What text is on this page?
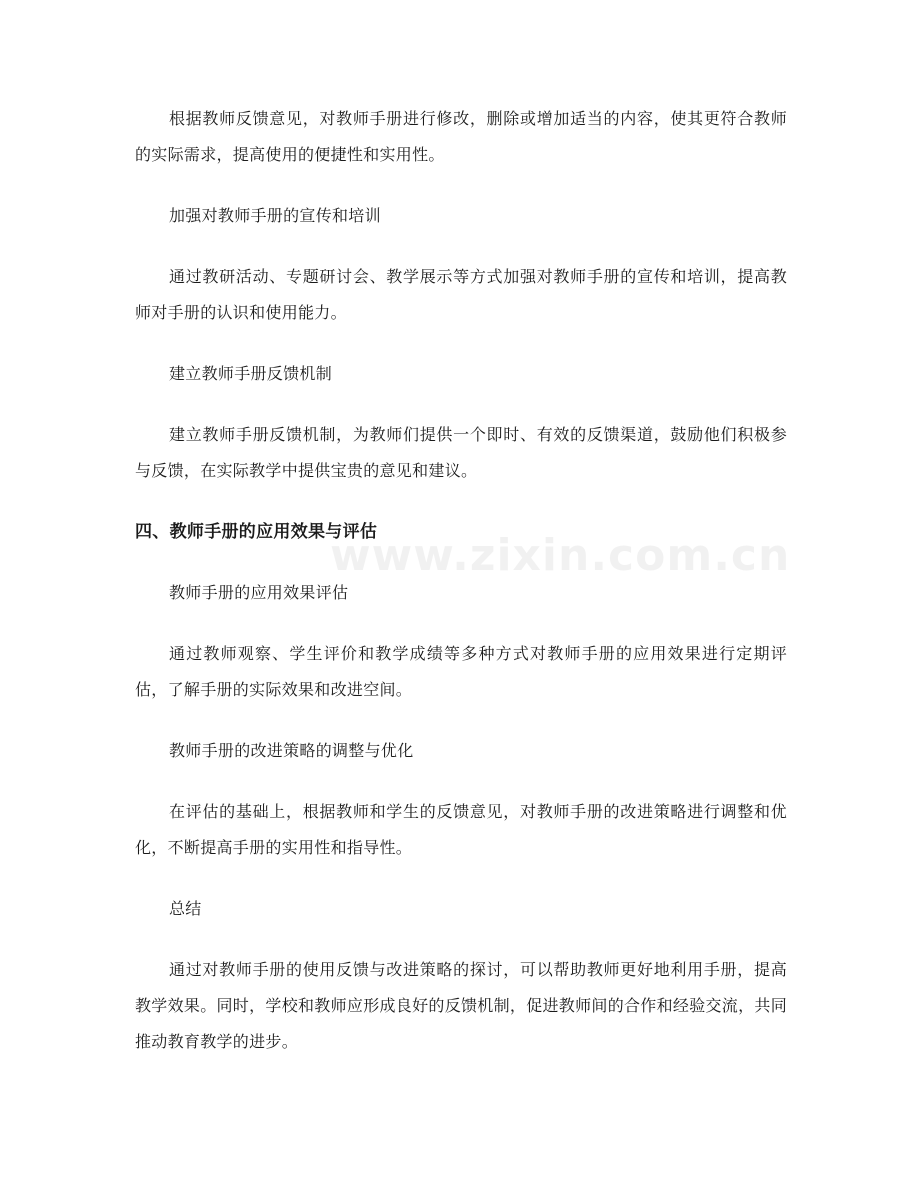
根据教师反馈意见，对教师手册进行修改，删除或增加适当的内容，使其更符合教师的实际需求，提高使用的便捷性和实用性。

加强对教师手册的宣传和培训

通过教研活动、专题研讨会、教学展示等方式加强对教师手册的宣传和培训，提高教师对手册的认识和使用能力。

建立教师手册反馈机制

建立教师手册反馈机制，为教师们提供一个即时、有效的反馈渠道，鼓励他们积极参与反馈，在实际教学中提供宝贵的意见和建议。

四、教师手册的应用效果与评估

教师手册的应用效果评估

通过教师观察、学生评价和教学成绩等多种方式对教师手册的应用效果进行定期评估，了解手册的实际效果和改进空间。

教师手册的改进策略的调整与优化

在评估的基础上，根据教师和学生的反馈意见，对教师手册的改进策略进行调整和优化，不断提高手册的实用性和指导性。

总结

通过对教师手册的使用反馈与改进策略的探讨，可以帮助教师更好地利用手册，提高教学效果。同时，学校和教师应形成良好的反馈机制，促进教师间的合作和经验交流，共同推动教育教学的进步。

www.zixin.com.cn
